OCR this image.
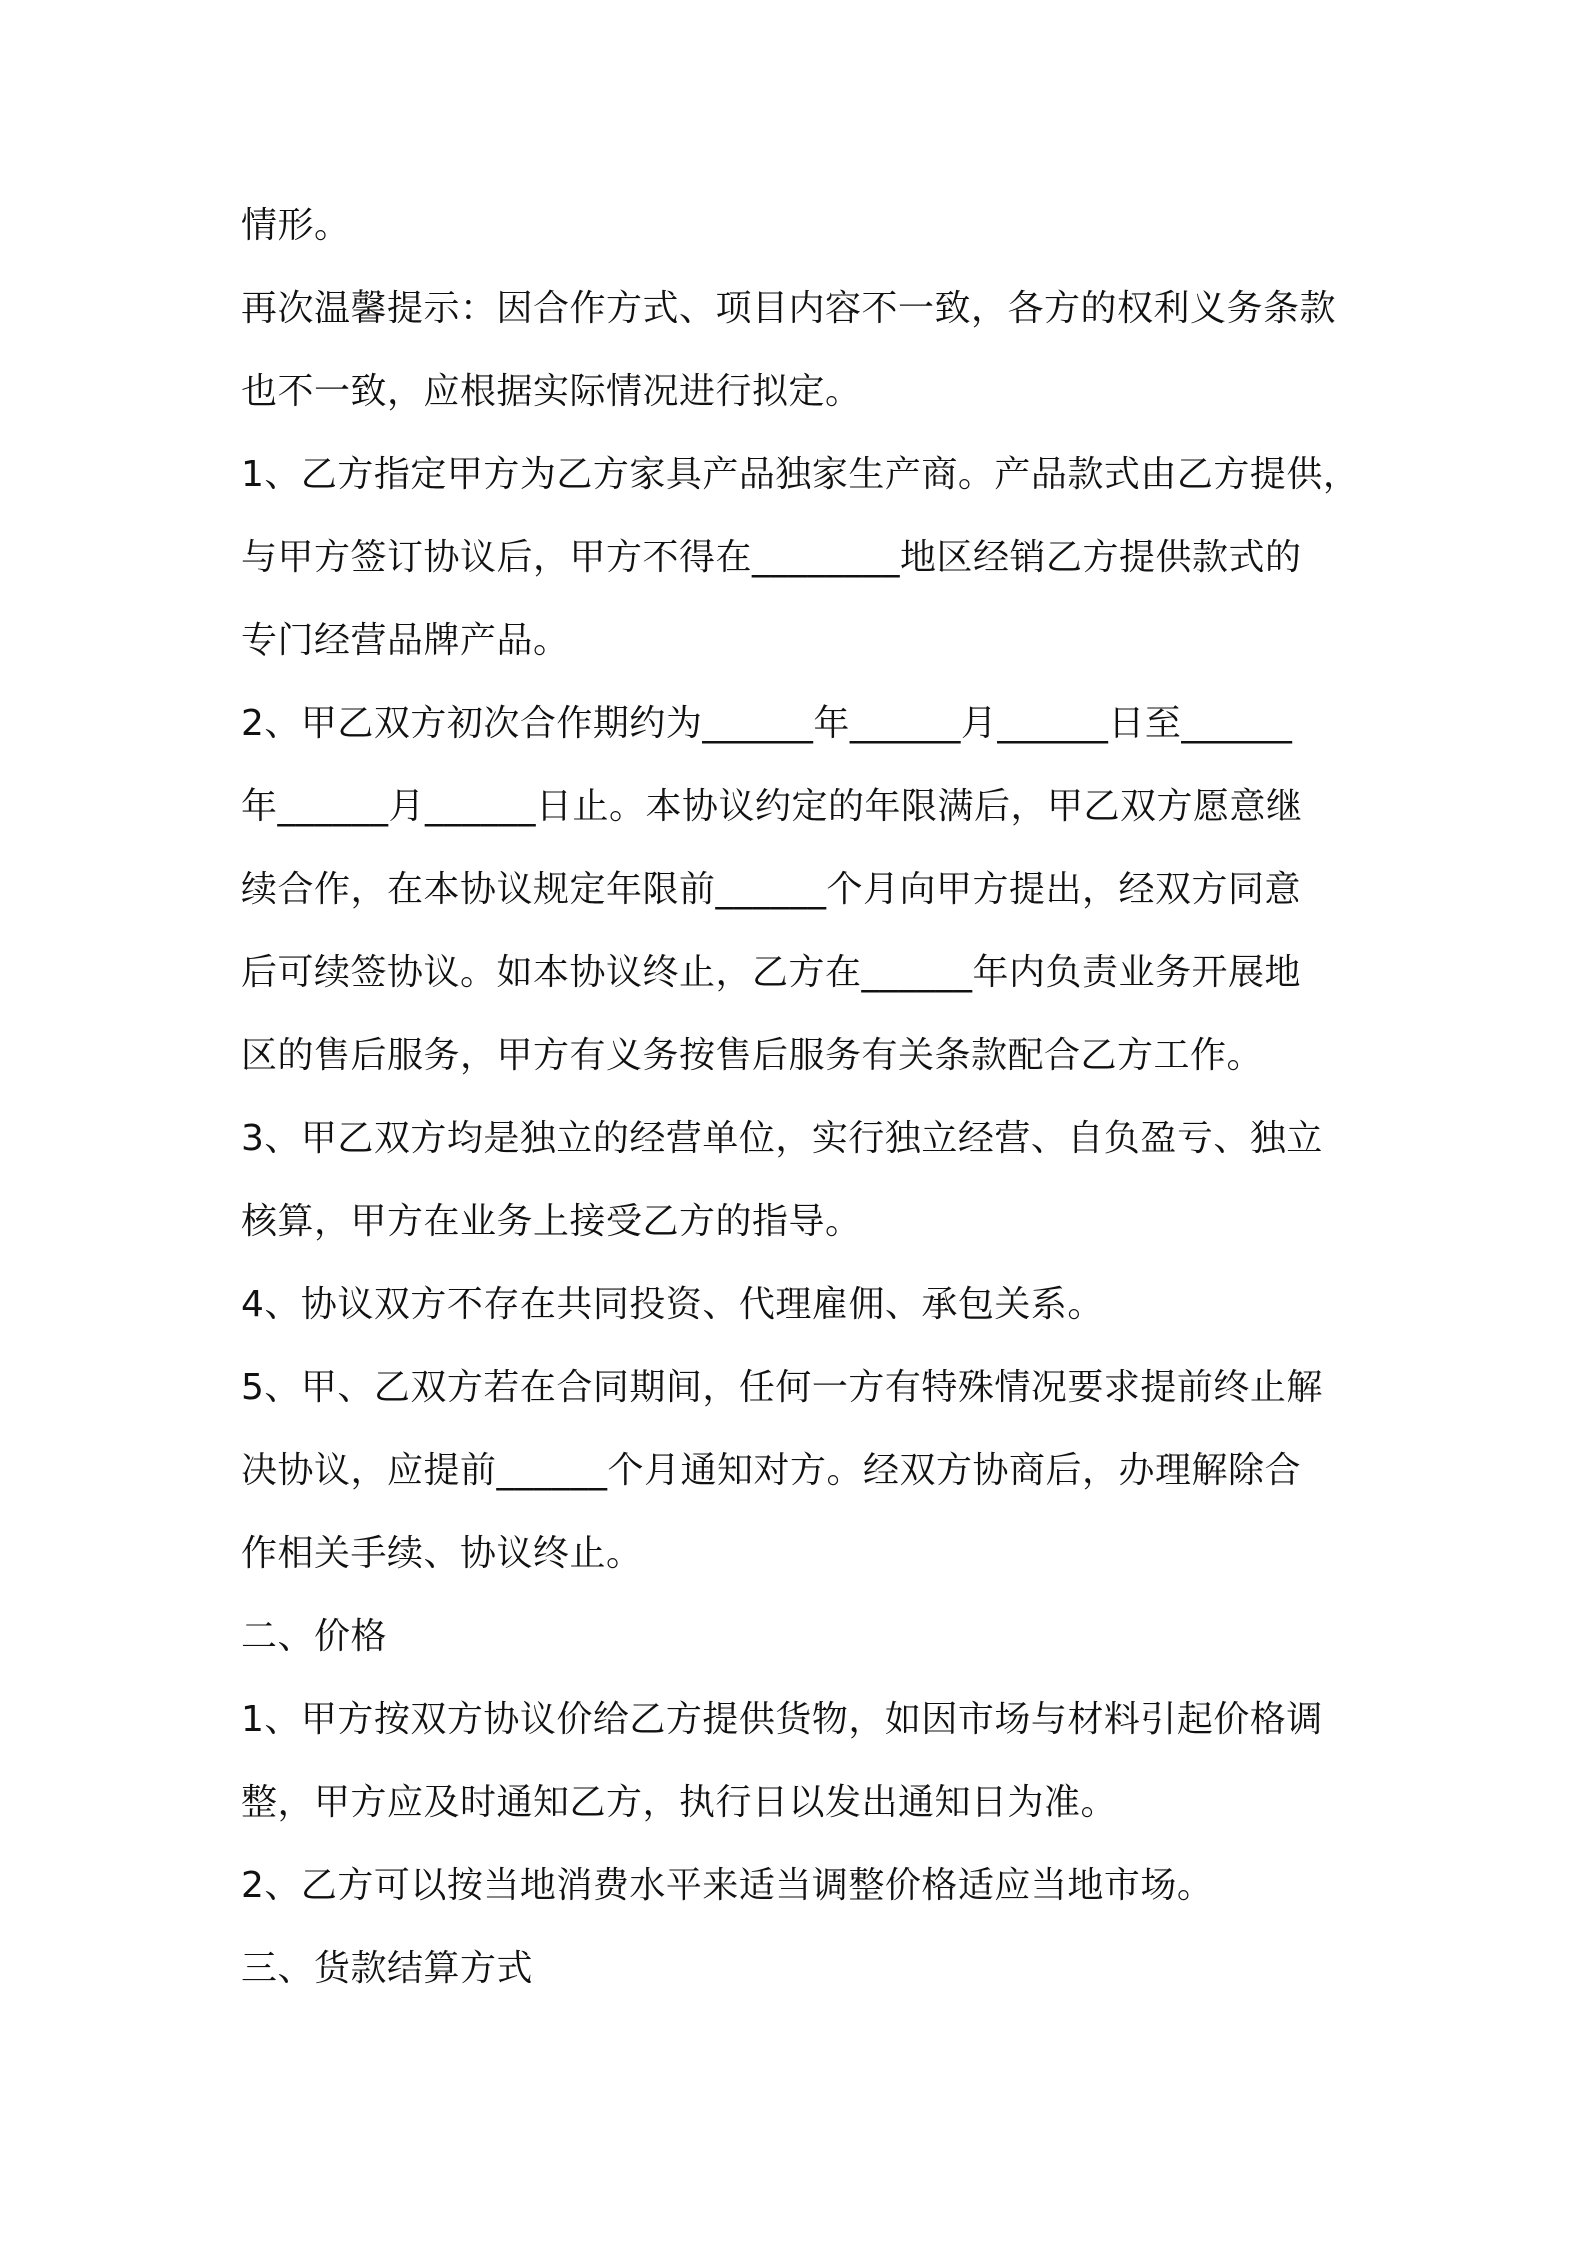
情形。
再次温馨提示：因合作方式、项目内容不一致，各方的权利义务条款
也不一致，应根据实际情况进行拟定。
1、乙方指定甲方为乙方家具产品独家生产商。产品款式由乙方提供，
与甲方签订协议后，甲方不得在________地区经销乙方提供款式的
专门经营品牌产品。
2、甲乙双方初次合作期约为______年______月______日至______
年______月______日止。本协议约定的年限满后，甲乙双方愿意继
续合作，在本协议规定年限前______个月向甲方提出，经双方同意
后可续签协议。如本协议终止，乙方在______年内负责业务开展地
区的售后服务，甲方有义务按售后服务有关条款配合乙方工作。
3、甲乙双方均是独立的经营单位，实行独立经营、自负盈亏、独立
核算，甲方在业务上接受乙方的指导。
4、协议双方不存在共同投资、代理雇佣、承包关系。
5、甲、乙双方若在合同期间，任何一方有特殊情况要求提前终止解
决协议，应提前______个月通知对方。经双方协商后，办理解除合
作相关手续、协议终止。
二、价格
1、甲方按双方协议价给乙方提供货物，如因市场与材料引起价格调
整，甲方应及时通知乙方，执行日以发出通知日为准。
2、乙方可以按当地消费水平来适当调整价格适应当地市场。
三、货款结算方式
